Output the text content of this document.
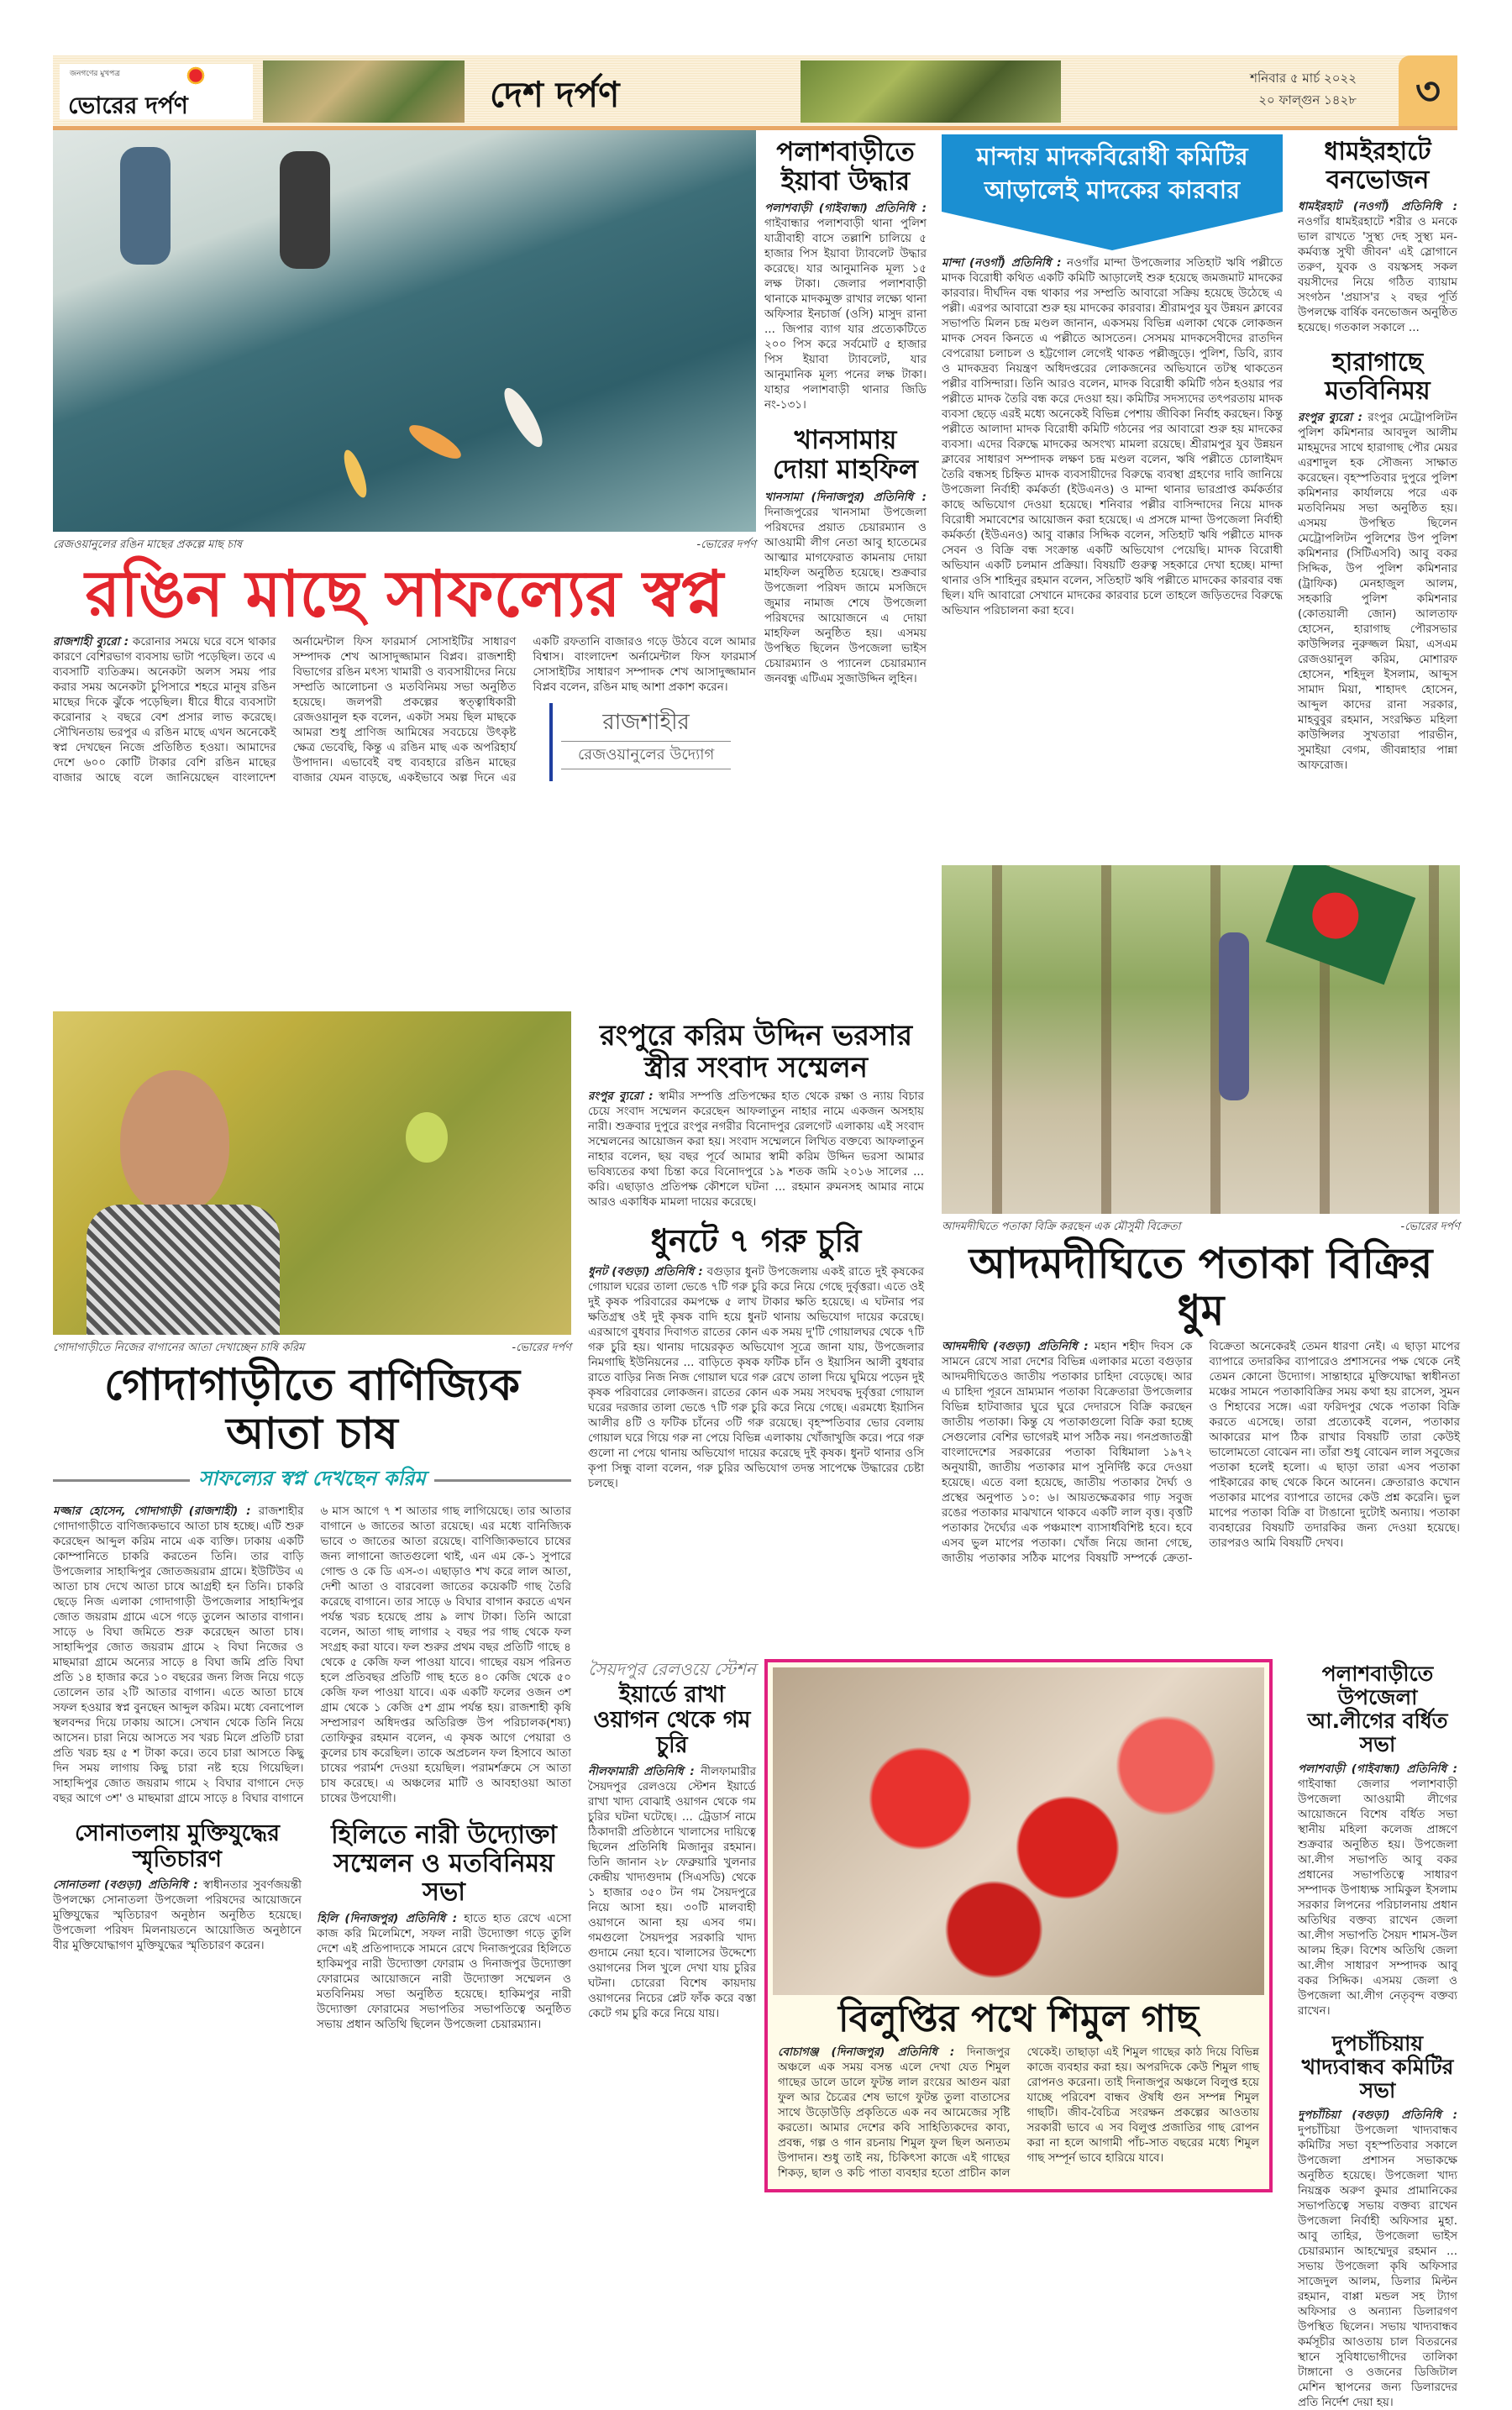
জনগণের মুখপত্র
ভোরের দর্পণ	দেশ দর্পণ	শনিবার ৫ মার্চ ২০২২
২০ ফাল্গুন ১৪২৮	৩
রেজওয়ানুলের রঙিন মাছের প্রকল্পে মাছ চাষ	-ভোরের দর্পণ
রঙিন মাছে সাফল্যের স্বপ্ন
রাজশাহী ব্যুরো : করোনার সময়ে ঘরে বসে থাকার কারণে বেশিরভাগ ব্যবসায় ভাটা পড়েছিল। তবে এ ব্যবসাটি ব্যতিক্রম। অনেকটা অলস সময় পার করার সময় অনেকটা চুপিসারে শহরে মানুষ রঙিন মাছের দিকে ঝুঁকে পড়েছিল। ধীরে ধীরে ব্যবসাটা করোনার ২ বছরে বেশ প্রসার লাভ করেছে। সৌখিনতায় ভরপুর এ রঙিন মাছে এখন অনেকেই স্বপ্ন দেখছেন নিজে প্রতিষ্ঠিত হওয়া। আমাদের দেশে ৬০০ কোটি টাকার বেশি রঙিন মাছের বাজার আছে বলে জানিয়েছেন বাংলাদেশ অর্নামেন্টাল ফিস ফারমার্স সোসাইটির সাধারণ সম্পাদক শেখ আসাদুজ্জামান বিপ্লব। রাজশাহী বিভাগের রঙিন মৎস্য খামারী ও ব্যবসায়ীদের নিয়ে সম্প্রতি আলোচনা ও মতবিনিময় সভা অনুষ্ঠিত হয়েছে। জলপরী প্রকল্পের স্বত্ত্বাধিকারী রেজওয়ানুল হক বলেন, একটা সময় ছিল মাছকে আমরা শুধু প্রাণিজ আমিষের সবচেয়ে উৎকৃষ্ট ক্ষেত্র ভেবেছি, কিন্তু এ রঙিন মাছ এক অপরিহার্য উপাদান। এভাবেই বহু ব্যবহারে রঙিন মাছের বাজার যেমন বাড়ছে, একইভাবে অল্প দিনে এর একটি রফতানি বাজারও গড়ে উঠবে বলে আমার বিশ্বাস। বাংলাদেশ অর্নামেন্টাল ফিস ফারমার্স সোসাইটির সাধারণ সম্পাদক শেখ আসাদুজ্জামান বিপ্লব বলেন, রঙিন মাছ আশা প্রকাশ করেন।
রাজশাহীর
রেজওয়ানুলের উদ্যোগ
পলাশবাড়ীতে ইয়াবা উদ্ধার
পলাশবাড়ী (গাইবান্ধা) প্রতিনিধি : গাইবান্ধার পলাশবাড়ী থানা পুলিশ যাত্রীবাহী বাসে তল্লাশি চালিয়ে ৫ হাজার পিস ইয়াবা ট্যাবলেট উদ্ধার করেছে। যার আনুমানিক মূল্য ১৫ লক্ষ টাকা। জেলার পলাশবাড়ী থানাকে মাদকমুক্ত রাখার লক্ষ্যে থানা অফিসার ইনচার্জ (ওসি) মাসুদ রানা ... জিপার ব্যাগ যার প্রত্যেকটিতে ২০০ পিস করে সর্বমোট ৫ হাজার পিস ইয়াবা ট্যাবলেট, যার আনুমানিক মূল্য পনের লক্ষ টাকা। যাহার পলাশবাড়ী থানার জিডি নং-১৩১।
খানসামায় দোয়া মাহফিল
খানসামা (দিনাজপুর) প্রতিনিধি : দিনাজপুরের খানসামা উপজেলা পরিষদের প্রয়াত চেয়ারম্যান ও আওয়ামী লীগ নেতা আবু হাতেমের আত্মার মাগফেরাত কামনায় দোয়া মাহফিল অনুষ্ঠিত হয়েছে। শুক্রবার উপজেলা পরিষদ জামে মসজিদে জুমার নামাজ শেষে উপজেলা পরিষদের আয়োজনে এ দোয়া মাহফিল অনুষ্ঠিত হয়। এসময় উপস্থিত ছিলেন উপজেলা ভাইস চেয়ারম্যান ও প্যানেল চেয়ারম্যান জনবন্ধু এটিএম সুজাউদ্দিন লুহিন।
মান্দায় মাদকবিরোধী কমিটির আড়ালেই মাদকের কারবার
মান্দা (নওগাঁ) প্রতিনিধি : নওগাঁর মান্দা উপজেলার সতিহাট ঋষি পল্লীতে মাদক বিরোধী কথিত একটি কমিটি আড়ালেই শুরু হয়েছে জমজমাট মাদকের কারবার। দীর্ঘদিন বন্ধ থাকার পর সম্প্রতি আবারো সক্রিয় হয়েছে উঠেছে এ পল্লী। এরপর আবারো শুরু হয় মাদকের কারবার। শ্রীরামপুর যুব উন্নয়ন ক্লাবের সভাপতি মিলন চন্দ্র মণ্ডল জানান, একসময় বিভিন্ন এলাকা থেকে লোকজন মাদক সেবন কিনতে এ পল্লীতে আসতেন। সেসময় মাদকসেবীদের রাতদিন বেপরোয়া চলাচল ও হট্টগোল লেগেই থাকত পল্লীজুড়ে। পুলিশ, ডিবি, র‌্যাব ও মাদকদ্রব্য নিয়ন্ত্রণ অধিদপ্তরের লোকজনের অভিযানে তটস্থ থাকতেন পল্লীর বাসিন্দারা। তিনি আরও বলেন, মাদক বিরোধী কমিটি গঠন হওয়ার পর পল্লীতে মাদক তৈরি বন্ধ করে দেওয়া হয়। কমিটির সদস্যদের তৎপরতায় মাদক ব্যবসা ছেড়ে এরই মধ্যে অনেকেই বিভিন্ন পেশায় জীবিকা নির্বাহ করছেন। কিন্তু পল্লীতে আলাদা মাদক বিরোধী কমিটি গঠনের পর আবারো শুরু হয় মাদকের ব্যবসা। এদের বিরুদ্ধে মাদকের অসংখ্য মামলা রয়েছে। শ্রীরামপুর যুব উন্নয়ন ক্লাবের সাধারণ সম্পাদক লক্ষণ চন্দ্র মণ্ডল বলেন, ঋষি পল্লীতে চোলাইমদ তৈরি বন্ধসহ চিহ্নিত মাদক ব্যবসায়ীদের বিরুদ্ধে ব্যবস্থা গ্রহণের দাবি জানিয়ে উপজেলা নির্বাহী কর্মকর্তা (ইউএনও) ও মান্দা থানার ভারপ্রাপ্ত কর্মকর্তার কাছে অভিযোগ দেওয়া হয়েছে। শনিবার পল্লীর বাসিন্দাদের নিয়ে মাদক বিরোধী সমাবেশের আয়োজন করা হয়েছে। এ প্রসঙ্গে মান্দা উপজেলা নির্বাহী কর্মকর্তা (ইউএনও) আবু বাক্কার সিদ্দিক বলেন, সতিহাট ঋষি পল্লীতে মাদক সেবন ও বিক্রি বন্ধ সংক্রান্ত একটি অভিযোগ পেয়েছি। মাদক বিরোধী অভিযান একটি চলমান প্রক্রিয়া। বিষয়টি গুরুত্ব সহকারে দেখা হচ্ছে। মান্দা থানার ওসি শাহিনুর রহমান বলেন, সতিহাট ঋষি পল্লীতে মাদকের কারবার বন্ধ ছিল। যদি আবারো সেখানে মাদকের কারবার চলে তাহলে জড়িতদের বিরুদ্ধে অভিযান পরিচালনা করা হবে।
ধামইরহাটে বনভোজন
ধামইরহাট (নওগাঁ) প্রতিনিধি : নওগাঁর ধামইরহাটে শরীর ও মনকে ভাল রাখতে 'সুস্থ্য দেহ সুস্থ্য মন-কর্মব্যস্ত সুখী জীবন' এই স্লোগানে তরুণ, যুবক ও বয়স্কসহ সকল বয়সীদের নিয়ে গঠিত ব্যায়াম সংগঠন 'প্রয়াস'র ২ বছর পূর্তি উপলক্ষে বার্ষিক বনভোজন অনুষ্ঠিত হয়েছে। গতকাল সকালে ...
হারাগাছে মতবিনিময়
রংপুর ব্যুরো : রংপুর মেট্রোপলিটন পুলিশ কমিশনার আবদুল আলীম মাহমুদের সাথে হারাগাছ পৌর মেয়র এরশাদুল হক সৌজন্য সাক্ষাত করেছেন। বৃহস্পতিবার দুপুরে পুলিশ কমিশনার কার্যালয়ে পরে এক মতবিনিময় সভা অনুষ্ঠিত হয়। এসময় উপস্থিত ছিলেন মেট্রোপলিটন পুলিশের উপ পুলিশ কমিশনার (সিটিএসবি) আবু বকর সিদ্দিক, উপ পুলিশ কমিশনার (ট্রাফিক) মেনহাজুল আলম, সহকারি পুলিশ কমিশনার (কোতয়ালী জোন) আলতাফ হোসেন, হারাগাছ পৌরসভার কাউন্সিলর নুরুজ্জল মিয়া, এসএম রেজওয়ানুল করিম, মোশারফ হোসেন, শহিদুল ইসলাম, আব্দুস সামাদ মিয়া, শাহাদৎ হোসেন, আব্দুল কাদের রানা সরকার, মাহবুবুর রহমান, সংরক্ষিত মহিলা কাউন্সিলর সুখতারা পারভীন, সুমাইয়া বেগম, জীবন্নাহার পান্না আফরোজ।
আদমদীঘিতে পতাকা বিক্রি করছেন এক মৌসুমী বিক্রেতা	-ভোরের দর্পণ
আদমদীঘিতে পতাকা বিক্রির ধুম
আদমদীঘি (বগুড়া) প্রতিনিধি : মহান শহীদ দিবস কে সামনে রেখে সারা দেশের বিভিন্ন এলাকার মতো বগুড়ার আদমদীঘিতেও জাতীয় পতাকার চাহিদা বেড়েছে। আর এ চাহিদা পূরনে ভ্রাম্যমান পতাকা বিক্রেতারা উপজেলার বিভিন্ন হাটবাজার ঘুরে ঘুরে দেদারসে বিক্রি করছেন জাতীয় পতাকা। কিন্তু যে পতাকাগুলো বিক্রি করা হচ্ছে সেগুলোর বেশির ভাগেরই মাপ সঠিক নয়। গনপ্রজাতন্ত্রী বাংলাদেশের সরকারের পতাকা বিধিমালা ১৯৭২ অনুযায়ী, জাতীয় পতাকার মাপ সুনির্দিষ্ট করে দেওয়া হয়েছে। এতে বলা হয়েছে, জাতীয় পতাকার দৈর্ঘ্য ও প্রস্থের অনুপাত ১০: ৬। আয়তক্ষেত্রকার গাঢ় সবুজ রঙের পতাকার মাঝখানে থাকবে একটি লাল বৃত্ত। বৃত্তটি পতাকার দৈর্ঘ্যের এক পঞ্চমাংশ ব্যাসার্ধবিশিষ্ট হবে। হবে এসব ভুল মাপের পতাকা। খোঁজ নিয়ে জানা গেছে, জাতীয় পতাকার সঠিক মাপের বিষয়টি সম্পর্কে ক্রেতা-বিক্রেতা অনেকেরই তেমন ধারণা নেই। এ ছাড়া মাপের ব্যাপারে তদারকির ব্যাপারেও প্রশাসনের পক্ষ থেকে নেই তেমন কোনো উদ্যোগ। সান্তাহারে মুক্তিযোদ্ধা স্বাধীনতা মঞ্চের সামনে পতাকাবিক্রির সময় কথা হয় রাসেল, সুমন ও শিহাবের সঙ্গে। এরা ফরিদপুর থেকে পতাকা বিক্রি করতে এসেছে। তারা প্রত্যেকেই বলেন, পতাকার আকারের মাপ ঠিক রাখার বিষয়টি তারা কেউই ভালোমতো বোঝেন না। তাঁরা শুধু বোঝেন লাল সবুজের পতাকা হলেই হলো। এ ছাড়া তারা এসব পতাকা পাইকারের কাছ থেকে কিনে আনেন। ক্রেতারাও কখোন পতাকার মাপের ব্যাপারে তাদের কেউ প্রশ্ন করেনি। ভুল মাপের পতাকা বিক্রি বা টাঙানো দুটোই অন্যায়। পতাকা ব্যবহারের বিষয়টি তদারকির জন্য দেওয়া হয়েছে। তারপরও আমি বিষয়টি দেখব।
গোদাগাড়ীতে নিজের বাগানের আতা দেখাচ্ছেন চাষি করিম	-ভোরের দর্পণ
গোদাগাড়ীতে বাণিজ্যিক আতা চাষ
সাফল্যের স্বপ্ন দেখছেন করিম
মজ্জার হোসেন, গোদাগাড়ী (রাজশাহী) : রাজশাহীর গোদাগাড়ীতে বাণিজ্যকভাবে আতা চাষ হচ্ছে। এটি শুরু করেছেন আব্দুল করিম নামে এক ব্যক্তি। ঢাকায় একটি কোম্পানিতে চাকরি করতেন তিনি। তার বাড়ি উপজেলার সাহাব্দিপুর জোতজয়রাম গ্রামে। ইউটিউব এ আতা চাষ দেখে আতা চাষে আগ্রহী হন তিনি। চাকরি ছেড়ে নিজ এলাকা গোদাগাড়ী উপজেলার সাহাব্দিপুর জোত জয়রাম গ্রামে এসে গড়ে তুলেন আতার বাগান। সাড়ে ৬ বিঘা জমিতে শুরু করেছেন আতা চাষ। সাহাব্দিপুর জোত জয়রাম গ্রামে ২ বিঘা নিজের ও মাছমারা গ্রামে অন্যের সাড়ে ৪ বিঘা জমি প্রতি বিঘা প্রতি ১৪ হাজার করে ১০ বছরের জন্য লিজ নিয়ে গড়ে তোলেন তার ২টি আতার বাগান। এতে আতা চাষে সফল হওয়ার স্বপ্ন বুনছেন আব্দুল করিম। মধ্যে বেনাপোল স্থলবন্দর দিয়ে ঢাকায় আসে। সেখান থেকে তিনি নিয়ে আসেন। চারা নিয়ে আসতে সব খরচ মিলে প্রতিটি চারা প্রতি খরচ হয় ৫ শ টাকা করে। তবে চারা আসতে কিছু দিন সময় লাগায় কিছু চারা নষ্ট হয়ে গিয়েছিল। সাহাব্দিপুর জোত জয়রাম গামে ২ বিঘার বাগানে দেড় বছর আগে ৩শ' ও মাছমারা গ্রামে সাড়ে ৪ বিঘার বাগানে ৬ মাস আগে ৭ শ আতার গাছ লাগিয়েছে। তার আতার বাগানে ৬ জাতের আতা রয়েছে। এর মধ্যে বানিজ্যিক ভাবে ৩ জাতের আতা রয়েছে। বাণিজ্যিকভাবে চাষের জন্য লাগানো জাতগুলো থাই, এন এম কে-১ সুপারে গোল্ড ও কে ডি এস-৩। এছাড়াও শখ করে লাল আতা, দেশী আতা ও বারবেলা জাতের কয়েকটি গাছ তৈরি করেছে বাগানে। তার সাড়ে ৬ বিঘার বাগান করতে এখন পর্যন্ত খরচ হয়েছে প্রায় ৯ লাখ টাকা। তিনি আরো বলেন, আতা গাছ লাগার ২ বছর পর গাছ থেকে ফল সংগ্রহ করা যাবে। ফল শুরুর প্রথম বছর প্রতিটি গাছে ৪ থেকে ৫ কেজি ফল পাওয়া যাবে। গাছের বয়স পরিনত হলে প্রতিবছর প্রতিটি গাছ হতে ৪০ কেজি থেকে ৫০ কেজি ফল পাওয়া যাবে। এক একটি ফলের ওজন ৩শ গ্রাম থেকে ১ কেজি ৫শ গ্রাম পর্যন্ত হয়। রাজশাহী কৃষি সম্প্রসারণ অধিদপ্তর অতিরিক্ত উপ পরিচালক(শষ্য) তোফিকুর রহমান বলেন, এ কৃষক আগে পেয়ারা ও কুলের চাষ করেছিল। তাকে অপ্রচলন ফল হিসাবে আতা চাষের পরার্মশ দেওয়া হয়েছিল। পরামর্শক্রমে সে আতা চাষ করেছে। এ অঞ্চলের মাটি ও আবহাওয়া আতা চাষের উপযোগী।
সোনাতলায় মুক্তিযুদ্ধের স্মৃতিচারণ
সোনাতলা (বগুড়া) প্রতিনিধি : স্বাধীনতার সুবর্ণজয়ন্তী উপলক্ষ্যে সোনাতলা উপজেলা পরিষদের আয়োজনে মুক্তিযুদ্ধের স্মৃতিচারণ অনুষ্ঠান অনুষ্ঠিত হয়েছে। উপজেলা পরিষদ মিলনায়তনে আয়োজিত অনুষ্ঠানে বীর মুক্তিযোদ্ধাগণ মুক্তিযুদ্ধের স্মৃতিচারণ করেন।
হিলিতে নারী উদ্যোক্তা সম্মেলন ও মতবিনিময় সভা
হিলি (দিনাজপুর) প্রতিনিধি : হাতে হাত রেখে এসো কাজ করি মিলেমিশে, সফল নারী উদ্যোক্তা গড়ে তুলি দেশে এই প্রতিপাদ্যকে সামনে রেখে দিনাজপুরের হিলিতে হাকিমপুর নারী উদ্যোক্তা ফোরাম ও দিনাজপুর উদ্যোক্তা ফোরামের আয়োজনে নারী উদ্যোক্তা সম্মেলন ও মতবিনিময় সভা অনুষ্ঠিত হয়েছে। হাকিমপুর নারী উদ্যোক্তা ফোরামের সভাপতির সভাপতিত্বে অনুষ্ঠিত সভায় প্রধান অতিথি ছিলেন উপজেলা চেয়ারম্যান।
রংপুরে করিম উদ্দিন ভরসার স্ত্রীর সংবাদ সম্মেলন
রংপুর ব্যুরো : স্বামীর সম্পত্তি প্রতিপক্ষের হাত থেকে রক্ষা ও ন্যায় বিচার চেয়ে সংবাদ সম্মেলন করেছেন আফলাতুন নাহার নামে একজন অসহায় নারী। শুক্রবার দুপুরে রংপুর নগরীর বিনোদপুর রেলগেট এলাকায় এই সংবাদ সম্মেলনের আয়োজন করা হয়। সংবাদ সম্মেলনে লিখিত বক্তব্যে আফলাতুন নাহার বলেন, ছয় বছর পূর্বে আমার স্বামী করিম উদ্দিন ভরসা আমার ভবিষ্যতের কথা চিন্তা করে বিনোদপুরে ১৯ শতক জমি ২০১৬ সালের ... করি। এছাড়াও প্রতিপক্ষ কৌশলে ঘটনা ... রহমান রুমনসহ আমার নামে আরও একাধিক মামলা দায়ের করেছে।
ধুনটে ৭ গরু চুরি
ধুনট (বগুড়া) প্রতিনিধি : বগুড়ার ধুনট উপজেলায় একই রাতে দুই কৃষকের গোয়াল ঘরের তালা ভেঙে ৭টি গরু চুরি করে নিয়ে গেছে দুর্বৃত্তরা। এতে ওই দুই কৃষক পরিবারের কমপক্ষে ৫ লাখ টাকার ক্ষতি হয়েছে। এ ঘটনার পর ক্ষতিগ্রস্থ ওই দুই কৃষক বাদি হয়ে ধুনট থানায় অভিযোগ দায়ের করেছে। এরআগে বুধবার দিবাগত রাতের কোন এক সময় দু'টি গোয়ালঘর থেকে ৭টি গরু চুরি হয়। থানায় দায়েরকৃত অভিযোগ সূত্রে জানা যায়, উপজেলার নিমগাছি ইউনিয়নের ... বাড়িতে কৃষক ফটিক চাঁন ও ইয়াসিন আলী বুধবার রাতে বাড়ির নিজ নিজ গোয়াল ঘরে গরু রেখে তালা দিয়ে ঘুমিয়ে পড়েন দুই কৃষক পরিবারের লোকজন। রাতের কোন এক সময় সংঘবদ্ধ দুর্বৃত্তরা গোয়াল ঘরের দরজার তালা ভেঙে ৭টি গরু চুরি করে নিয়ে গেছে। এরমধ্যে ইয়াসিন আলীর ৪টি ও ফটিক চাঁনের ৩টি গরু রয়েছে। বৃহস্পতিবার ভোর বেলায় গোয়াল ঘরে গিয়ে গরু না পেয়ে বিভিন্ন এলাকায় খোঁজাখুজি করে। পরে গরু গুলো না পেয়ে থানায় অভিযোগ দায়ের করেছে দুই কৃষক। ধুনট থানার ওসি কৃপা সিন্ধু বালা বলেন, গরু চুরির অভিযোগ তদন্ত সাপেক্ষে উদ্ধারের চেষ্টা চলছে।
সৈয়দপুর রেলওয়ে স্টেশন
ইয়ার্ডে রাখা ওয়াগন থেকে গম চুরি
নীলফামারী প্রতিনিধি : নীলফামারীর সৈয়দপুর রেলওয়ে স্টেশন ইয়ার্ডে রাখা খাদ্য বোঝাই ওয়াগন থেকে গম চুরির ঘটনা ঘটেছে। ... ট্রেডার্স নামে ঠিকাদারী প্রতিষ্ঠানে খালাসের দায়িত্বে ছিলেন প্রতিনিধি মিজানুর রহমান। তিনি জানান ২৮ ফেব্রুয়ারি খুলনার কেন্দ্রীয় খাদ্যগুদাম (সিএসডি) থেকে ১ হাজার ৩৫০ টন গম সৈয়দপুরে নিয়ে আসা হয়। ৩০টি মালবাহী ওয়াগনে আনা হয় এসব গম। গমগুলো সৈয়দপুর সরকারি খাদ্য গুদামে নেয়া হবে। খালাসের উদ্দেশ্যে ওয়াগনের সিল খুলে দেখা যায় চুরির ঘটনা। চোরেরা বিশেষ কায়দায় ওয়াগনের নিচের প্লেট ফাঁক করে বস্তা কেটে গম চুরি করে নিয়ে যায়।	বিলুপ্তির পথে শিমুল গাছ
বোচাগঞ্জ (দিনাজপুর) প্রতিনিধি : দিনাজপুর অঞ্চলে এক সময় বসন্ত এলে দেখা যেত শিমুল গাছের ডালে ডালে ফুটন্ত লাল রংয়ের আগুন ঝরা ফুল আর চৈত্রের শেষ ভাগে ফুটন্ত তুলা বাতাসের সাথে উড়োউড়ি প্রকৃতিতে এক নব আমেজের সৃষ্টি করতো। আমার দেশের কবি সাহিত্যিকদের কাব্য, প্রবন্ধ, গল্প ও গান রচনায় শিমুল ফুল ছিল অন্যতম উপাদান। শুধু তাই নয়, চিকিৎসা কাজে এই গাছের শিকড়, ছাল ও কচি পাতা ব্যবহার হতো প্রাচীন কাল থেকেই। তাছাড়া এই শিমুল গাছের কাঠ দিয়ে বিভিন্ন কাজে ব্যবহার করা হয়। অপরদিকে কেউ শিমুল গাছ রোপনও করেনা। তাই দিনাজপুর অঞ্চলে বিলুপ্ত হয়ে যাচ্ছে পরিবেশ বান্ধব ঔষধি গুন সম্পন্ন শিমুল গাছটি। জীব-বৈচিত্র সংরক্ষন প্রকল্পের আওতায় সরকারী ভাবে এ সব বিলুপ্ত প্রজাতির গাছ রোপন করা না হলে আগামী পাঁচ-সাত বছরের মধ্যে শিমুল গাছ সম্পূর্ন ভাবে হারিয়ে যাবে।
পলাশবাড়ীতে উপজেলা আ.লীগের বর্ধিত সভা
পলাশবাড়ী (গাইবান্ধা) প্রতিনিধি : গাইবান্ধা জেলার পলাশবাড়ী উপজেলা আওয়ামী লীগের আয়োজনে বিশেষ বর্ধিত সভা স্থানীয় মহিলা কলেজ প্রাঙ্গণে শুক্রবার অনুষ্ঠিত হয়। উপজেলা আ.লীগ সভাপতি আবু বকর প্রধানের সভাপতিত্বে সাধারণ সম্পাদক উপাধ্যক্ষ সামিকুল ইসলাম সরকার লিপনের পরিচালনায় প্রধান অতিথির বক্তব্য রাখেন জেলা আ.লীগ সভাপতি সৈয়দ শামস-উল আলম হিরু। বিশেষ অতিথি জেলা আ.লীগ সাধারণ সম্পাদক আবু বকর সিদ্দিক। এসময় জেলা ও উপজেলা আ.লীগ নেতৃবৃন্দ বক্তব্য রাখেন।
দুপচাঁচিয়ায় খাদ্যবান্ধব কমিটির সভা
দুপচাঁচিয়া (বগুড়া) প্রতিনিধি : দুপচাঁচিয়া উপজেলা খাদ্যবান্ধব কমিটির সভা বৃহস্পতিবার সকালে উপজেলা প্রশাসন সভাকক্ষে অনুষ্ঠিত হয়েছে। উপজেলা খাদ্য নিয়ন্ত্রক অরুণ কুমার প্রামানিকের সভাপতিত্বে সভায় বক্তব্য রাখেন উপজেলা নির্বাহী অফিসার মুহা. আবু তাহির, উপজেলা ভাইস চেয়ারম্যান আহম্মেদুর রহমান ... সভায় উপজেলা কৃষি অফিসার সাজেদুল আলম, ডিলার মিল্টন রহমান, বাপ্পা মন্ডল সহ ট্যাগ অফিসার ও অন্যান্য ডিলারগণ উপস্থিত ছিলেন। সভায় খাদ্যবান্ধব কর্মসূচীর আওতায় চাল বিতরনের স্থানে সুবিধাভোগীদের তালিকা টাঙ্গানো ও ওজনের ডিজিটাল মেশিন স্থাপনের জন্য ডিলারদের প্রতি নির্দেশ দেয়া হয়।
